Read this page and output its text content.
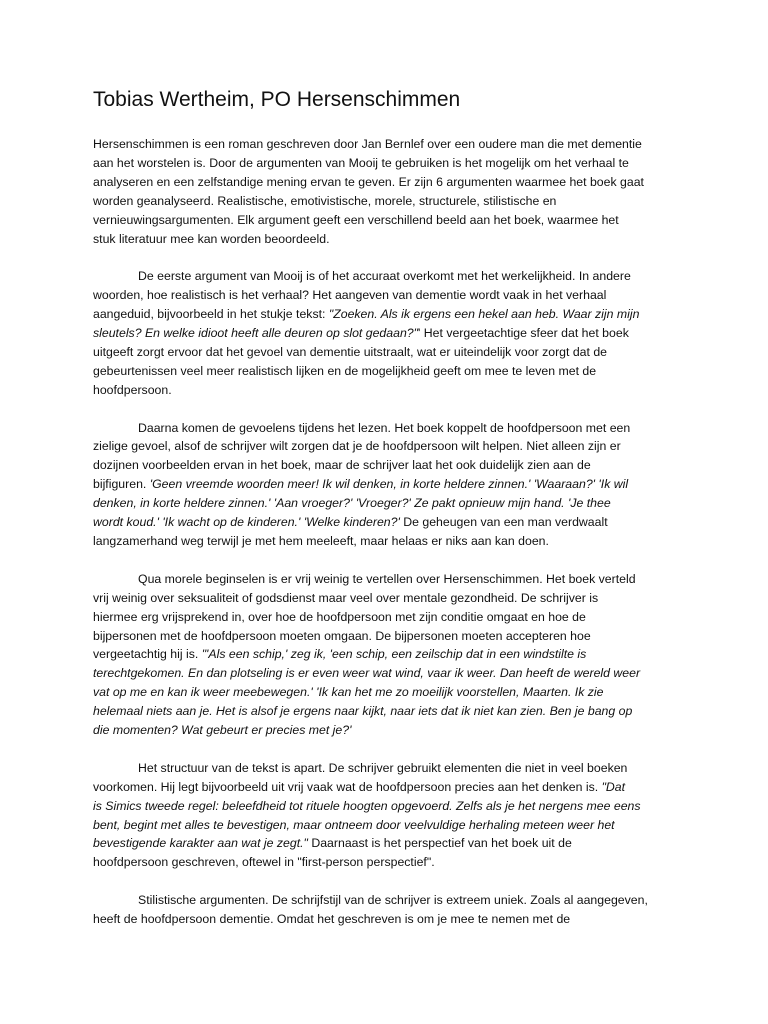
Tobias Wertheim, PO Hersenschimmen

Hersenschimmen is een roman geschreven door Jan Bernlef over een oudere man die met dementie
aan het worstelen is. Door de argumenten van Mooij te gebruiken is het mogelijk om het verhaal te
analyseren en een zelfstandige mening ervan te geven. Er zijn 6 argumenten waarmee het boek gaat
worden geanalyseerd. Realistische, emotivistische, morele, structurele, stilistische en
vernieuwingsargumenten. Elk argument geeft een verschillend beeld aan het boek, waarmee het
stuk literatuur mee kan worden beoordeeld.

De eerste argument van Mooij is of het accuraat overkomt met het werkelijkheid. In andere
woorden, hoe realistisch is het verhaal? Het aangeven van dementie wordt vaak in het verhaal
aangeduid, bijvoorbeeld in het stukje tekst: "Zoeken. Als ik ergens een hekel aan heb. Waar zijn mijn
sleutels? En welke idioot heeft alle deuren op slot gedaan?"' Het vergeetachtige sfeer dat het boek
uitgeeft zorgt ervoor dat het gevoel van dementie uitstraalt, wat er uiteindelijk voor zorgt dat de
gebeurtenissen veel meer realistisch lijken en de mogelijkheid geeft om mee te leven met de
hoofdpersoon.

Daarna komen de gevoelens tijdens het lezen. Het boek koppelt de hoofdpersoon met een
zielige gevoel, alsof de schrijver wilt zorgen dat je de hoofdpersoon wilt helpen. Niet alleen zijn er
dozijnen voorbeelden ervan in het boek, maar de schrijver laat het ook duidelijk zien aan de
bijfiguren. 'Geen vreemde woorden meer! Ik wil denken, in korte heldere zinnen.' 'Waaraan?' 'Ik wil
denken, in korte heldere zinnen.' 'Aan vroeger?' 'Vroeger?' Ze pakt opnieuw mijn hand. 'Je thee
wordt koud.' 'Ik wacht op de kinderen.' 'Welke kinderen?' De geheugen van een man verdwaalt
langzamerhand weg terwijl je met hem meeleeft, maar helaas er niks aan kan doen.

Qua morele beginselen is er vrij weinig te vertellen over Hersenschimmen. Het boek verteld
vrij weinig over seksualiteit of godsdienst maar veel over mentale gezondheid. De schrijver is
hiermee erg vrijsprekend in, over hoe de hoofdpersoon met zijn conditie omgaat en hoe de
bijpersonen met de hoofdpersoon moeten omgaan. De bijpersonen moeten accepteren hoe
vergeetachtig hij is. "'Als een schip,' zeg ik, 'een schip, een zeilschip dat in een windstilte is
terechtgekomen. En dan plotseling is er even weer wat wind, vaar ik weer. Dan heeft de wereld weer
vat op me en kan ik weer meebewegen.' 'Ik kan het me zo moeilijk voorstellen, Maarten. Ik zie
helemaal niets aan je. Het is alsof je ergens naar kijkt, naar iets dat ik niet kan zien. Ben je bang op
die momenten? Wat gebeurt er precies met je?'

Het structuur van de tekst is apart. De schrijver gebruikt elementen die niet in veel boeken
voorkomen. Hij legt bijvoorbeeld uit vrij vaak wat de hoofdpersoon precies aan het denken is. "Dat
is Simics tweede regel: beleefdheid tot rituele hoogten opgevoerd. Zelfs als je het nergens mee eens
bent, begint met alles te bevestigen, maar ontneem door veelvuldige herhaling meteen weer het
bevestigende karakter aan wat je zegt." Daarnaast is het perspectief van het boek uit de
hoofdpersoon geschreven, oftewel in "first-person perspectief".

Stilistische argumenten. De schrijfstijl van de schrijver is extreem uniek. Zoals al aangegeven,
heeft de hoofdpersoon dementie. Omdat het geschreven is om je mee te nemen met de
